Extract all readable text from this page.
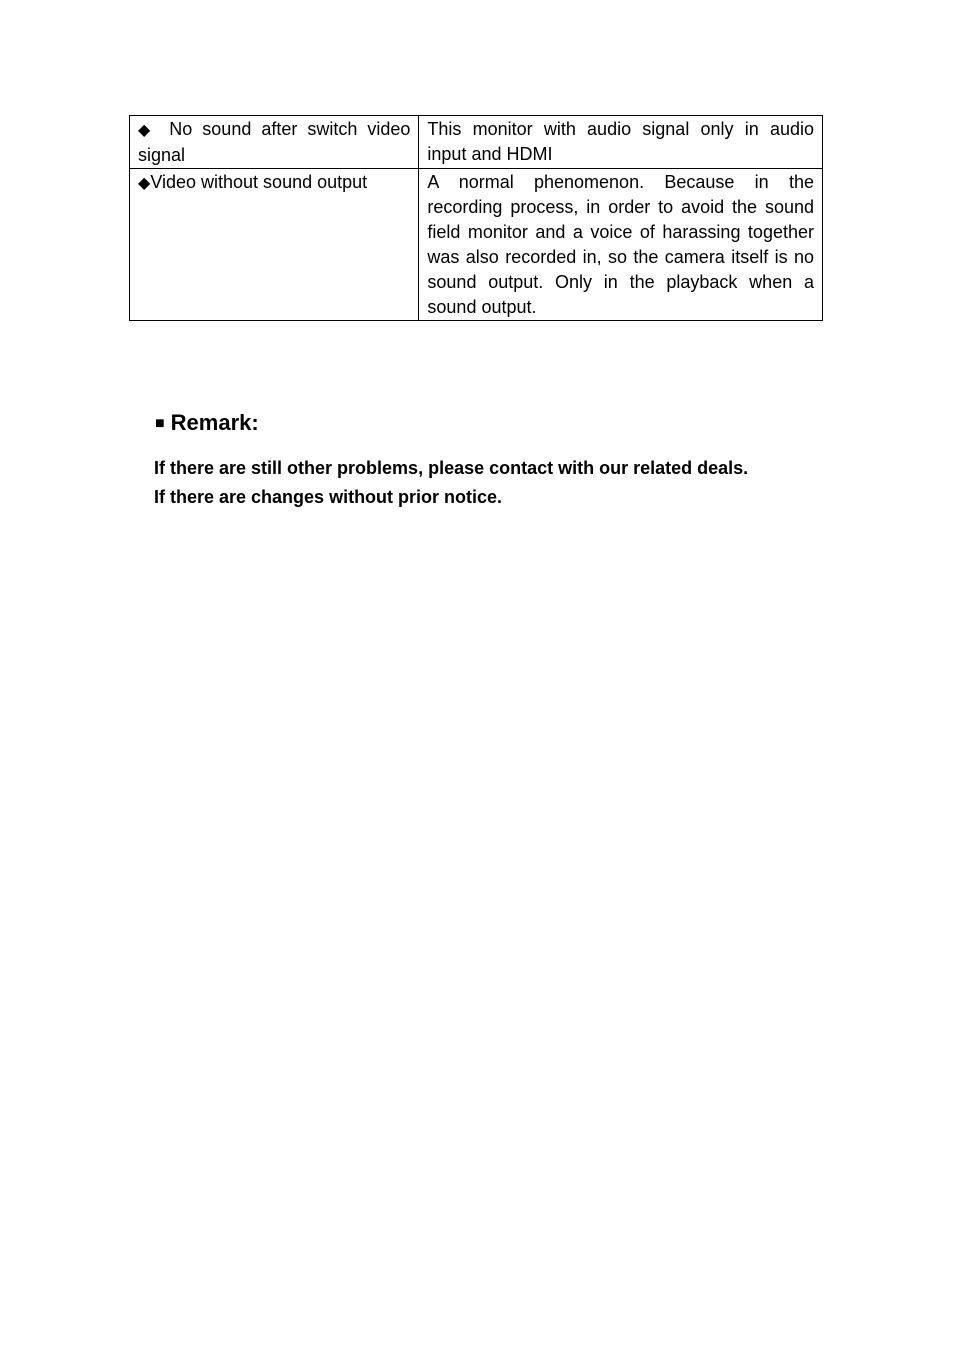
◆ No sound after switch video signal	This monitor with audio signal only in audio input and HDMI
◆Video without sound output	A normal phenomenon. Because in the recording process, in order to avoid the sound field monitor and a voice of harassing together was also recorded in, so the camera itself is no sound output. Only in the playback when a sound output.
■ Remark:
If there are still other problems, please contact with our related deals.
If there are changes without prior notice.
